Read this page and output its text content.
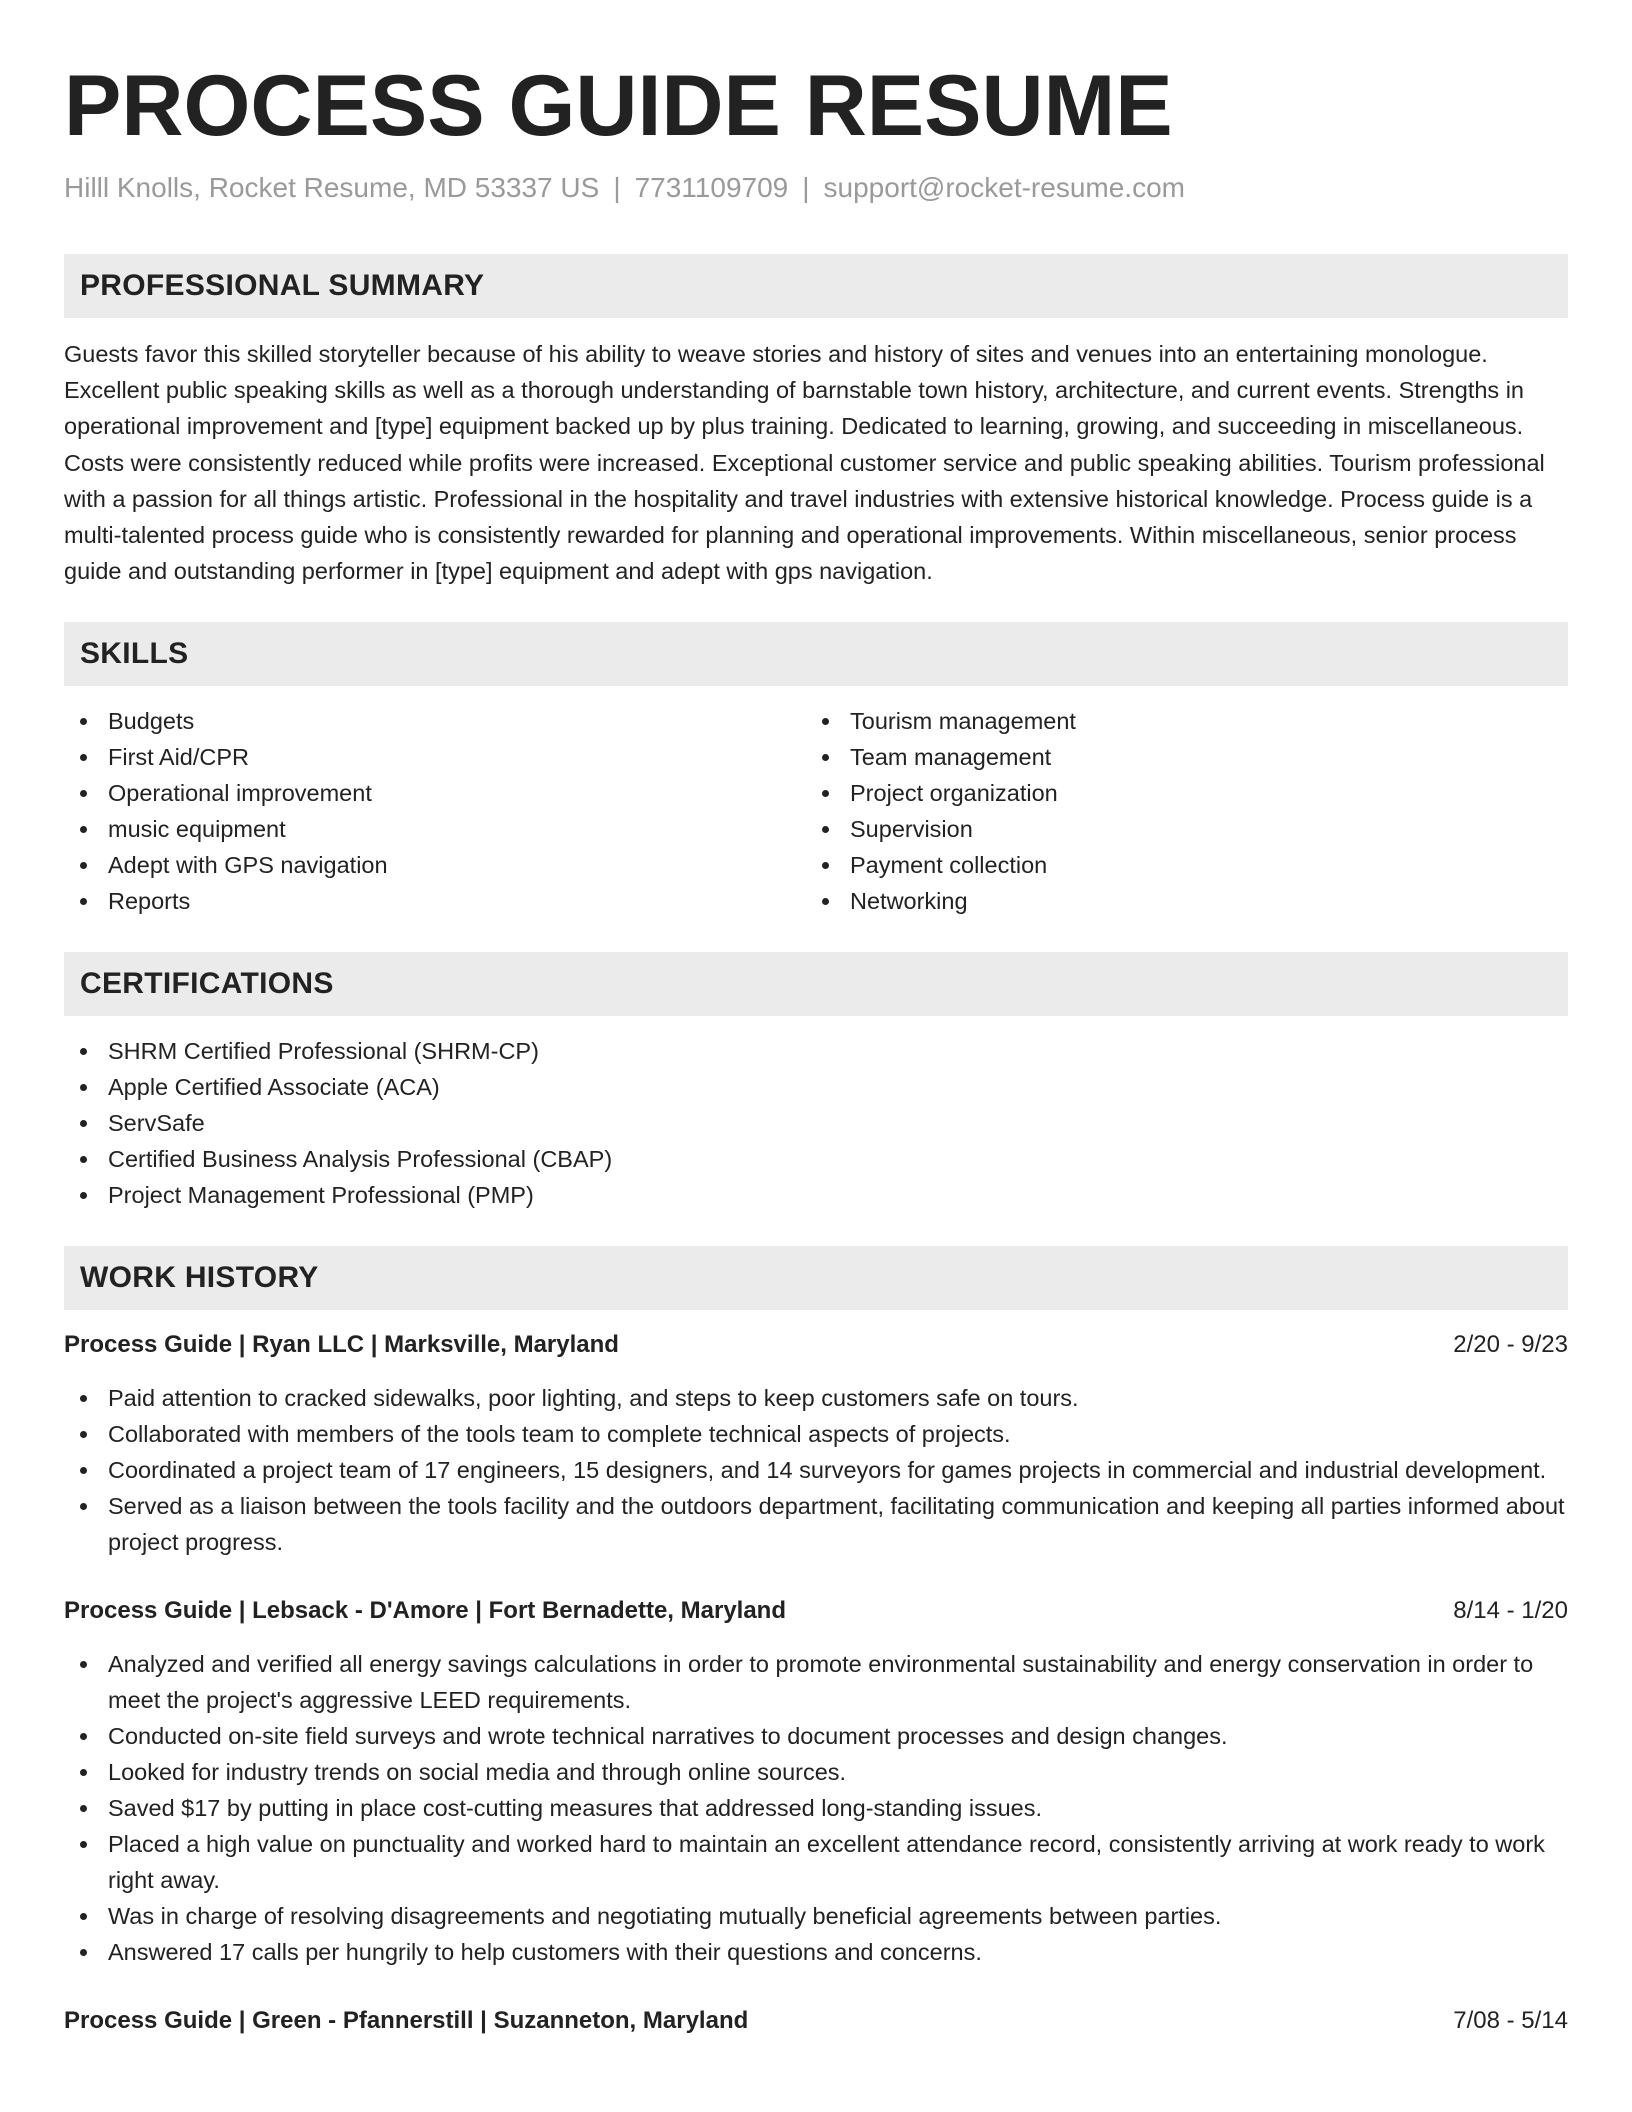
PROCESS GUIDE RESUME
Hilll Knolls, Rocket Resume, MD 53337 US | 7731109709 | support@rocket-resume.com
PROFESSIONAL SUMMARY

Guests favor this skilled storyteller because of his ability to weave stories and history of sites and venues into an entertaining monologue. Excellent public speaking skills as well as a thorough understanding of barnstable town history, architecture, and current events. Strengths in operational improvement and [type] equipment backed up by plus training. Dedicated to learning, growing, and succeeding in miscellaneous. Costs were consistently reduced while profits were increased. Exceptional customer service and public speaking abilities. Tourism professional with a passion for all things artistic. Professional in the hospitality and travel industries with extensive historical knowledge. Process guide is a multi-talented process guide who is consistently rewarded for planning and operational improvements. Within miscellaneous, senior process guide and outstanding performer in [type] equipment and adept with gps navigation.

SKILLS
Budgets
First Aid/CPR
Operational improvement
music equipment
Adept with GPS navigation
Reports
Tourism management
Team management
Project organization
Supervision
Payment collection
Networking
CERTIFICATIONS
SHRM Certified Professional (SHRM-CP)
Apple Certified Associate (ACA)
ServSafe
Certified Business Analysis Professional (CBAP)
Project Management Professional (PMP)
WORK HISTORY
Process Guide | Ryan LLC | Marksville, Maryland	2/20 - 9/23
Paid attention to cracked sidewalks, poor lighting, and steps to keep customers safe on tours.
Collaborated with members of the tools team to complete technical aspects of projects.
Coordinated a project team of 17 engineers, 15 designers, and 14 surveyors for games projects in commercial and industrial development.
Served as a liaison between the tools facility and the outdoors department, facilitating communication and keeping all parties informed about project progress.
Process Guide | Lebsack - D'Amore | Fort Bernadette, Maryland	8/14 - 1/20
Analyzed and verified all energy savings calculations in order to promote environmental sustainability and energy conservation in order to meet the project's aggressive LEED requirements.
Conducted on-site field surveys and wrote technical narratives to document processes and design changes.
Looked for industry trends on social media and through online sources.
Saved $17 by putting in place cost-cutting measures that addressed long-standing issues.
Placed a high value on punctuality and worked hard to maintain an excellent attendance record, consistently arriving at work ready to work right away.
Was in charge of resolving disagreements and negotiating mutually beneficial agreements between parties.
Answered 17 calls per hungrily to help customers with their questions and concerns.
Process Guide | Green - Pfannerstill | Suzanneton, Maryland	7/08 - 5/14
